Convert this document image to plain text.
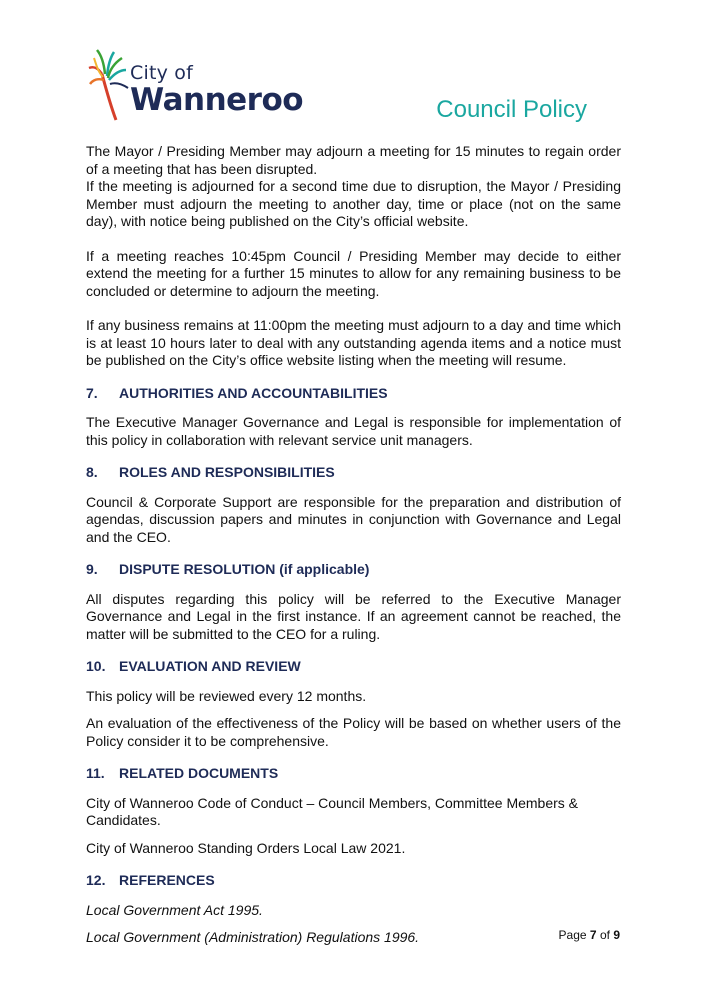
City of
Wanneroo	Council Policy

The Mayor / Presiding Member may adjourn a meeting for 15 minutes to regain order of a meeting that has been disrupted.

If the meeting is adjourned for a second time due to disruption, the Mayor / Presiding Member must adjourn the meeting to another day, time or place (not on the same day), with notice being published on the City’s official website.

If a meeting reaches 10:45pm Council / Presiding Member may decide to either extend the meeting for a further 15 minutes to allow for any remaining business to be concluded or determine to adjourn the meeting.

If any business remains at 11:00pm the meeting must adjourn to a day and time which is at least 10 hours later to deal with any outstanding agenda items and a notice must be published on the City’s office website listing when the meeting will resume.

7.	AUTHORITIES AND ACCOUNTABILITIES

The Executive Manager Governance and Legal is responsible for implementation of this policy in collaboration with relevant service unit managers.

8.	ROLES AND RESPONSIBILITIES

Council & Corporate Support are responsible for the preparation and distribution of agendas, discussion papers and minutes in conjunction with Governance and Legal and the CEO.

9.	DISPUTE RESOLUTION (if applicable)

All disputes regarding this policy will be referred to the Executive Manager Governance and Legal in the first instance. If an agreement cannot be reached, the matter will be submitted to the CEO for a ruling.

10. EVALUATION AND REVIEW

This policy will be reviewed every 12 months.

An evaluation of the effectiveness of the Policy will be based on whether users of the Policy consider it to be comprehensive.

11.	RELATED DOCUMENTS

City of Wanneroo Code of Conduct – Council Members, Committee Members & Candidates.

City of Wanneroo Standing Orders Local Law 2021.

12. REFERENCES

Local Government Act 1995.

Local Government (Administration) Regulations 1996.	Page 7 of 9
